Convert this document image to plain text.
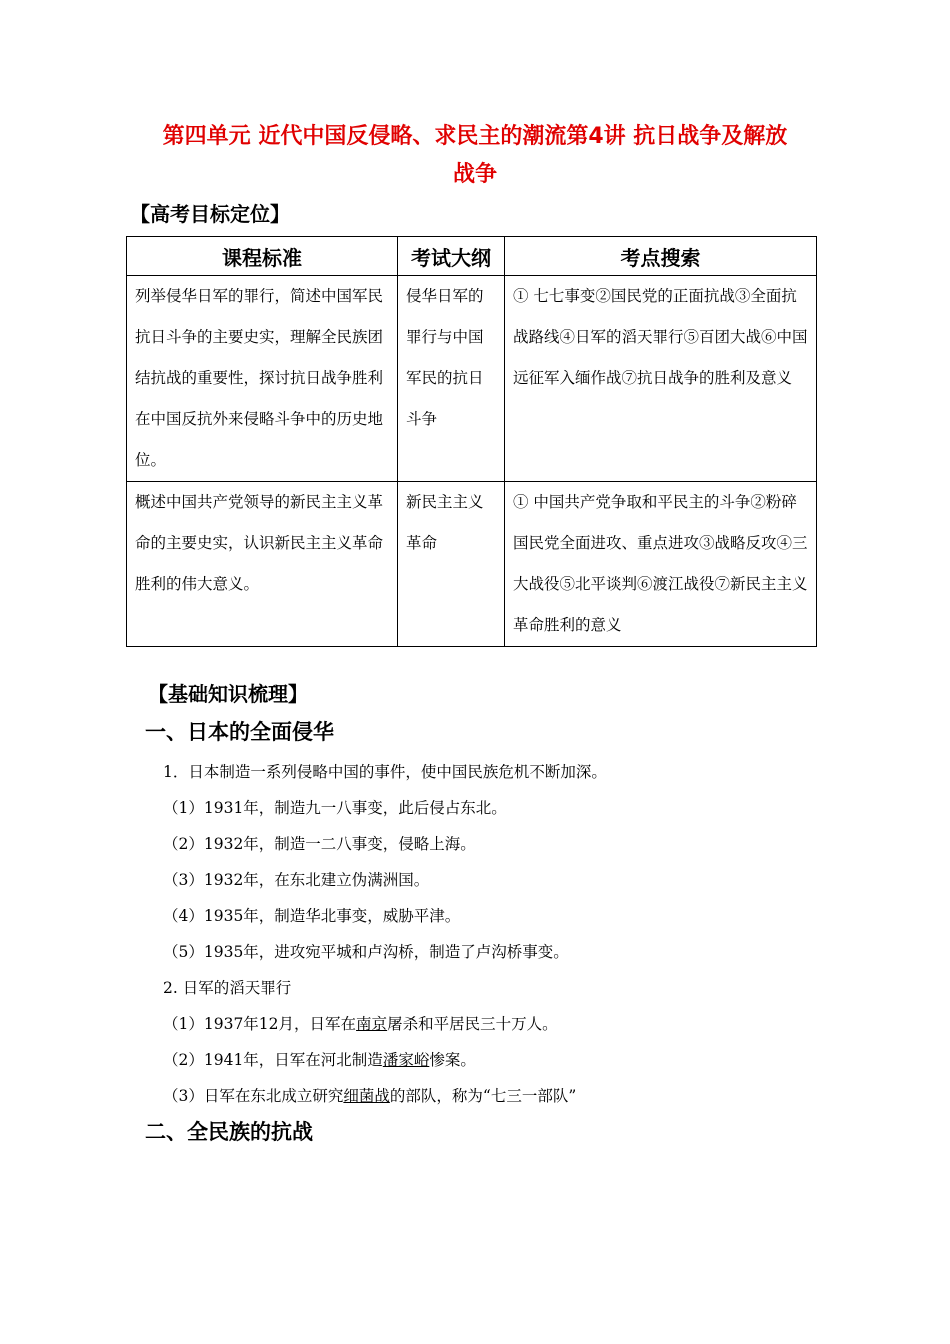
第四单元 近代中国反侵略、求民主的潮流第4讲 抗日战争及解放
战争
【高考目标定位】
课程标准	考试大纲	考点搜索
列举侵华日军的罪行，简述中国军民抗日斗争的主要史实，理解全民族团结抗战的重要性，探讨抗日战争胜利在中国反抗外来侵略斗争中的历史地位。	侵华日军的罪行与中国军民的抗日斗争	① 七七事变②国民党的正面抗战③全面抗战路线④日军的滔天罪行⑤百团大战⑥中国远征军入缅作战⑦抗日战争的胜利及意义
概述中国共产党领导的新民主主义革命的主要史实，认识新民主主义革命胜利的伟大意义。	新民主主义革命	① 中国共产党争取和平民主的斗争②粉碎国民党全面进攻、重点进攻③战略反攻④三大战役⑤北平谈判⑥渡江战役⑦新民主主义革命胜利的意义
【基础知识梳理】
一、日本的全面侵华
1．日本制造一系列侵略中国的事件，使中国民族危机不断加深。
（1）1931年，制造九一八事变，此后侵占东北。
（2）1932年，制造一二八事变，侵略上海。
（3）1932年，在东北建立伪满洲国。
（4）1935年，制造华北事变，威胁平津。
（5）1935年，进攻宛平城和卢沟桥，制造了卢沟桥事变。
2. 日军的滔天罪行
（1）1937年12月，日军在南京屠杀和平居民三十万人。
（2）1941年，日军在河北制造潘家峪惨案。
（3）日军在东北成立研究细菌战的部队，称为“七三一部队”
二、全民族的抗战
